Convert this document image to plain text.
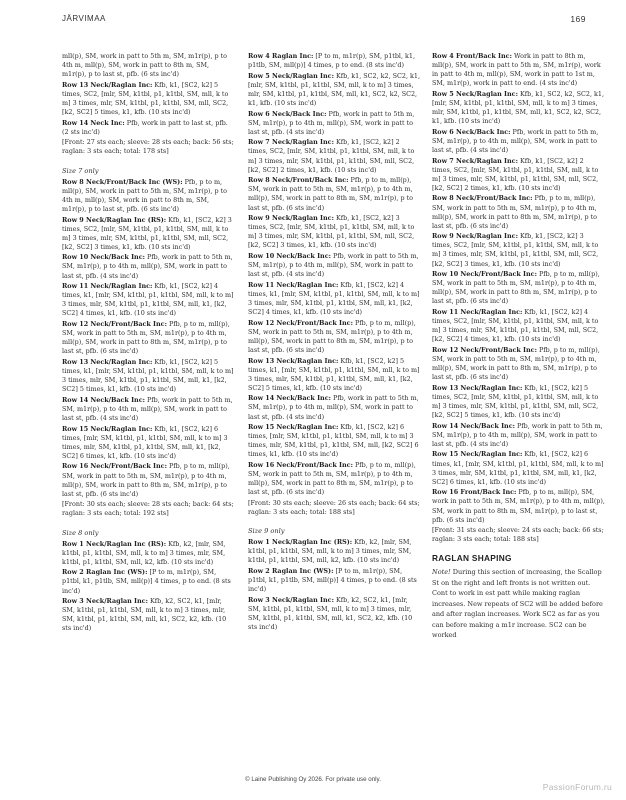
JÄRVIMAA	169

mll(p), SM, work in patt to 5th m, SM, m1r(p), p to 4th m, mll(p), SM, work in patt to 8th m, SM, m1r(p), p to last st, pfb. (6 sts inc'd)

Row 13 Neck/Raglan Inc: Kfb, k1, [SC2, k2] 5 times, SC2, [mlr, SM, k1tbl, p1, k1tbl, SM, mll, k to m] 3 times, mlr, SM, k1tbl, p1, k1tbl, SM, mll, SC2, [k2, SC2] 5 times, k1, kfb. (10 sts inc'd)

Row 14 Neck Inc: Pfb, work in patt to last st, pfb. (2 sts inc'd)

[Front: 27 sts each; sleeve: 28 sts each; back: 56 sts; raglan: 3 sts each; total: 178 sts]

Size 7 only

Row 8 Neck/Front/Back Inc (WS): Pfb, p to m, mll(p), SM, work in patt to 5th m, SM, m1r(p), p to 4th m, mll(p), SM, work in patt to 8th m, SM, m1r(p), p to last st, pfb. (6 sts inc'd)

Row 9 Neck/Raglan Inc (RS): Kfb, k1, [SC2, k2] 3 times, SC2, [mlr, SM, k1tbl, p1, k1tbl, SM, mll, k to m] 3 times, mlr, SM, k1tbl, p1, k1tbl, SM, mll, SC2, [k2, SC2] 3 times, k1, kfb. (10 sts inc'd)

Row 10 Neck/Back Inc: Pfb, work in patt to 5th m, SM, m1r(p), p to 4th m, mll(p), SM, work in patt to last st, pfb. (4 sts inc'd)

Row 11 Neck/Raglan Inc: Kfb, k1, [SC2, k2] 4 times, k1, [mlr, SM, k1tbl, p1, k1tbl, SM, mll, k to m] 3 times, mlr, SM, k1tbl, p1, k1tbl, SM, mll, k1, [k2, SC2] 4 times, k1, kfb. (10 sts inc'd)

Row 12 Neck/Front/Back Inc: Pfb, p to m, mll(p), SM, work in patt to 5th m, SM, m1r(p), p to 4th m, mll(p), SM, work in patt to 8th m, SM, m1r(p), p to last st, pfb. (6 sts inc'd)

Row 13 Neck/Raglan Inc: Kfb, k1, [SC2, k2] 5 times, k1, [mlr, SM, k1tbl, p1, k1tbl, SM, mll, k to m] 3 times, mlr, SM, k1tbl, p1, k1tbl, SM, mll, k1, [k2, SC2] 5 times, k1, kfb. (10 sts inc'd)

Row 14 Neck/Back Inc: Pfb, work in patt to 5th m, SM, m1r(p), p to 4th m, mll(p), SM, work in patt to last st, pfb. (4 sts inc'd)

Row 15 Neck/Raglan Inc: Kfb, k1, [SC2, k2] 6 times, [mlr, SM, k1tbl, p1, k1tbl, SM, mll, k to m] 3 times, mlr, SM, k1tbl, p1, k1tbl, SM, mll, k1, [k2, SC2] 6 times, k1, kfb. (10 sts inc'd)

Row 16 Neck/Front/Back Inc: Pfb, p to m, mll(p), SM, work in patt to 5th m, SM, m1r(p), p to 4th m, mll(p), SM, work in patt to 8th m, SM, m1r(p), p to last st, pfb. (6 sts inc'd)

[Front: 30 sts each; sleeve: 28 sts each; back: 64 sts; raglan: 3 sts each; total: 192 sts]

Size 8 only

Row 1 Neck/Raglan Inc (RS): Kfb, k2, [mlr, SM, k1tbl, p1, k1tbl, SM, mll, k to m] 3 times, mlr, SM, k1tbl, p1, k1tbl, SM, mll, k2, kfb. (10 sts inc'd)

Row 2 Raglan Inc (WS): [P to m, m1r(p), SM, p1tbl, k1, p1tlb, SM, mll(p)] 4 times, p to end. (8 sts inc'd)

Row 3 Neck/Raglan Inc: Kfb, k2, SC2, k1, [mlr, SM, k1tbl, p1, k1tbl, SM, mll, k to m] 3 times, mlr, SM, k1tbl, p1, k1tbl, SM, mll, k1, SC2, k2, kfb. (10 sts inc'd)

Row 4 Raglan Inc: [P to m, m1r(p), SM, p1tbl, k1, p1tlb, SM, mll(p)] 4 times, p to end. (8 sts inc'd)

Row 5 Neck/Raglan Inc: Kfb, k1, SC2, k2, SC2, k1, [mlr, SM, k1tbl, p1, k1tbl, SM, mll, k to m] 3 times, mlr, SM, k1tbl, p1, k1tbl, SM, mll, k1, SC2, k2, SC2, k1, kfb. (10 sts inc'd)

Row 6 Neck/Back Inc: Pfb, work in patt to 5th m, SM, m1r(p), p to 4th m, mll(p), SM, work in patt to last st, pfb. (4 sts inc'd)

Row 7 Neck/Raglan Inc: Kfb, k1, [SC2, k2] 2 times, SC2, [mlr, SM, k1tbl, p1, k1tbl, SM, mll, k to m] 3 times, mlr, SM, k1tbl, p1, k1tbl, SM, mll, SC2, [k2, SC2] 2 times, k1, kfb. (10 sts inc'd)

Row 8 Neck/Front/Back Inc: Pfb, p to m, mll(p), SM, work in patt to 5th m, SM, m1r(p), p to 4th m, mll(p), SM, work in patt to 8th m, SM, m1r(p), p to last st, pfb. (6 sts inc'd)

Row 9 Neck/Raglan Inc: Kfb, k1, [SC2, k2] 3 times, SC2, [mlr, SM, k1tbl, p1, k1tbl, SM, mll, k to m] 3 times, mlr, SM, k1tbl, p1, k1tbl, SM, mll, SC2, [k2, SC2] 3 times, k1, kfb. (10 sts inc'd)

Row 10 Neck/Back Inc: Pfb, work in patt to 5th m, SM, m1r(p), p to 4th m, mll(p), SM, work in patt to last st, pfb. (4 sts inc'd)

Row 11 Neck/Raglan Inc: Kfb, k1, [SC2, k2] 4 times, k1, [mlr, SM, k1tbl, p1, k1tbl, SM, mll, k to m] 3 times, mlr, SM, k1tbl, p1, k1tbl, SM, mll, k1, [k2, SC2] 4 times, k1, kfb. (10 sts inc'd)

Row 12 Neck/Front/Back Inc: Pfb, p to m, mll(p), SM, work in patt to 5th m, SM, m1r(p), p to 4th m, mll(p), SM, work in patt to 8th m, SM, m1r(p), p to last st, pfb. (6 sts inc'd)

Row 13 Neck/Raglan Inc: Kfb, k1, [SC2, k2] 5 times, k1, [mlr, SM, k1tbl, p1, k1tbl, SM, mll, k to m] 3 times, mlr, SM, k1tbl, p1, k1tbl, SM, mll, k1, [k2, SC2] 5 times, k1, kfb. (10 sts inc'd)

Row 14 Neck/Back Inc: Pfb, work in patt to 5th m, SM, m1r(p), p to 4th m, mll(p), SM, work in patt to last st, pfb. (4 sts inc'd)

Row 15 Neck/Raglan Inc: Kfb, k1, [SC2, k2] 6 times, [mlr, SM, k1tbl, p1, k1tbl, SM, mll, k to m] 3 times, mlr, SM, k1tbl, p1, k1tbl, SM, mll, [k2, SC2] 6 times, k1, kfb. (10 sts inc'd)

Row 16 Neck/Front/Back Inc: Pfb, p to m, mll(p), SM, work in patt to 5th m, SM, m1r(p), p to 4th m, mll(p), SM, work in patt to 8th m, SM, m1r(p), p to last st, pfb. (6 sts inc'd)

[Front: 30 sts each; sleeve: 26 sts each; back: 64 sts; raglan: 3 sts each; total: 188 sts]

Size 9 only

Row 1 Neck/Raglan Inc (RS): Kfb, k2, [mlr, SM, k1tbl, p1, k1tbl, SM, mll, k to m] 3 times, mlr, SM, k1tbl, p1, k1tbl, SM, mll, k2, kfb. (10 sts inc'd)

Row 2 Raglan Inc (WS): [P to m, m1r(p), SM, p1tbl, k1, p1tlb, SM, mll(p)] 4 times, p to end. (8 sts inc'd)

Row 3 Neck/Raglan Inc: Kfb, k2, SC2, k1, [mlr, SM, k1tbl, p1, k1tbl, SM, mll, k to m] 3 times, mlr, SM, k1tbl, p1, k1tbl, SM, mll, k1, SC2, k2, kfb. (10 sts inc'd)

Row 4 Front/Back Inc: Work in patt to 8th m, mll(p), SM, work in patt to 5th m, SM, m1r(p), work in patt to 4th m, mll(p), SM, work in patt to 1st m, SM, m1r(p), work in patt to end. (4 sts inc'd)

Row 5 Neck/Raglan Inc: Kfb, k1, SC2, k2, SC2, k1, [mlr, SM, k1tbl, p1, k1tbl, SM, mll, k to m] 3 times, mlr, SM, k1tbl, p1, k1tbl, SM, mll, k1, SC2, k2, SC2, k1, kfb. (10 sts inc'd)

Row 6 Neck/Back Inc: Pfb, work in patt to 5th m, SM, m1r(p), p to 4th m, mll(p), SM, work in patt to last st, pfb. (4 sts inc'd)

Row 7 Neck/Raglan Inc: Kfb, k1, [SC2, k2] 2 times, SC2, [mlr, SM, k1tbl, p1, k1tbl, SM, mll, k to m] 3 times, mlr, SM, k1tbl, p1, k1tbl, SM, mll, SC2, [k2, SC2] 2 times, k1, kfb. (10 sts inc'd)

Row 8 Neck/Front/Back Inc: Pfb, p to m, mll(p), SM, work in patt to 5th m, SM, m1r(p), p to 4th m, mll(p), SM, work in patt to 8th m, SM, m1r(p), p to last st, pfb. (6 sts inc'd)

Row 9 Neck/Raglan Inc: Kfb, k1, [SC2, k2] 3 times, SC2, [mlr, SM, k1tbl, p1, k1tbl, SM, mll, k to m] 3 times, mlr, SM, k1tbl, p1, k1tbl, SM, mll, SC2, [k2, SC2] 3 times, k1, kfb. (10 sts inc'd)

Row 10 Neck/Front/Back Inc: Pfb, p to m, mll(p), SM, work in patt to 5th m, SM, m1r(p), p to 4th m, mll(p), SM, work in patt to 8th m, SM, m1r(p), p to last st, pfb. (6 sts inc'd)

Row 11 Neck/Raglan Inc: Kfb, k1, [SC2, k2] 4 times, SC2, [mlr, SM, k1tbl, p1, k1tbl, SM, mll, k to m] 3 times, mlr, SM, k1tbl, p1, k1tbl, SM, mll, SC2, [k2, SC2] 4 times, k1, kfb. (10 sts inc'd)

Row 12 Neck/Front/Back Inc: Pfb, p to m, mll(p), SM, work in patt to 5th m, SM, m1r(p), p to 4th m, mll(p), SM, work in patt to 8th m, SM, m1r(p), p to last st, pfb. (6 sts inc'd)

Row 13 Neck/Raglan Inc: Kfb, k1, [SC2, k2] 5 times, SC2, [mlr, SM, k1tbl, p1, k1tbl, SM, mll, k to m] 3 times, mlr, SM, k1tbl, p1, k1tbl, SM, mll, SC2, [k2, SC2] 5 times, k1, kfb. (10 sts inc'd)

Row 14 Neck/Back Inc: Pfb, work in patt to 5th m, SM, m1r(p), p to 4th m, mll(p), SM, work in patt to last st, pfb. (4 sts inc'd)

Row 15 Neck/Raglan Inc: Kfb, k1, [SC2, k2] 6 times, k1, [mlr, SM, k1tbl, p1, k1tbl, SM, mll, k to m] 3 times, mlr, SM, k1tbl, p1, k1tbl, SM, mll, k1, [k2, SC2] 6 times, k1, kfb. (10 sts inc'd)

Row 16 Front/Back Inc: Pfb, p to m, mll(p), SM, work in patt to 5th m, SM, m1r(p), p to 4th m, mll(p), SM, work in patt to 8th m, SM, m1r(p), p to last st, pfb. (6 sts inc'd)

[Front: 31 sts each; sleeve: 24 sts each; back: 66 sts; raglan: 3 sts each; total: 188 sts]

RAGLAN SHAPING

Note! During this section of increasing, the Scallop St on the right and left fronts is not written out. Cont to work in est patt while making raglan increases. New repeats of SC2 will be added before and after raglan increases. Work SC2 as far as you can before making a m1r increase. SC2 can be worked

© Laine Publishing Oy 2026. For private use only.
PassionForum.ru
